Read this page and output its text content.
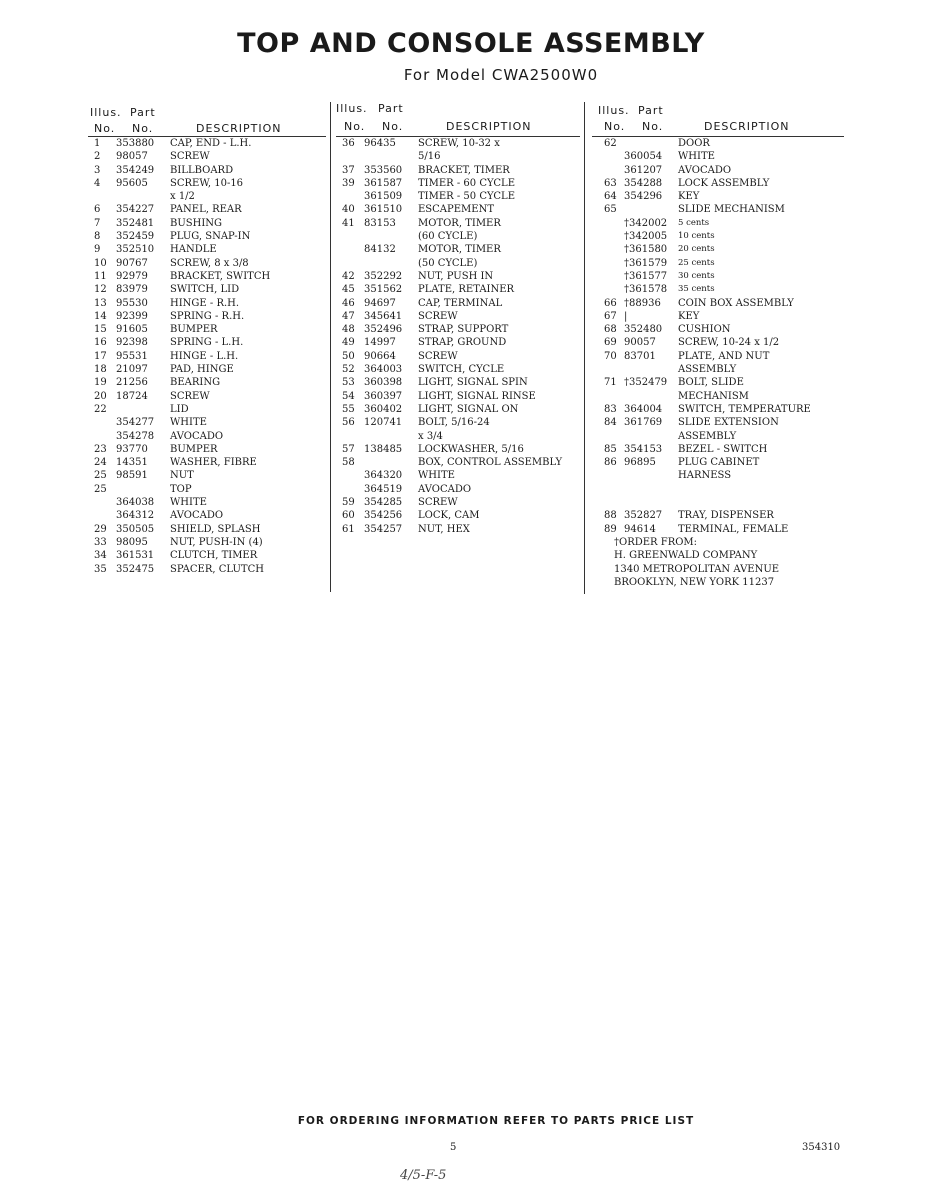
TOP AND CONSOLE ASSEMBLY
For Model CWA2500W0
Illus. Part
No. No.	DESCRIPTION
1 353880 CAP, END - L.H.
2 98057 SCREW
3 354249 BILLBOARD
4 95605 SCREW, 10-16
x 1/2
6 354227 PANEL, REAR
7 352481 BUSHING
8 352459 PLUG, SNAP-IN
9 352510 HANDLE
10 90767 SCREW, 8 x 3/8
11 92979 BRACKET, SWITCH
12 83979 SWITCH, LID
13 95530 HINGE - R.H.
14 92399 SPRING - R.H.
15 91605 BUMPER
16 92398 SPRING - L.H.
17 95531 HINGE - L.H.
18 21097 PAD, HINGE
19 21256 BEARING
20 18724 SCREW
22	LID
354277 WHITE
354278 AVOCADO
23 93770 BUMPER
24 14351 WASHER, FIBRE
25 98591 NUT
25	TOP
364038 WHITE
364312 AVOCADO
29 350505 SHIELD, SPLASH
33 98095 NUT, PUSH-IN (4)
34 361531 CLUTCH, TIMER
35 352475 SPACER, CLUTCH
Illus. Part
No. No.	DESCRIPTION
36 96435 SCREW, 10-32 x
5/16
37 353560 BRACKET, TIMER
39 361587 TIMER - 60 CYCLE
361509 TIMER - 50 CYCLE
40 361510 ESCAPEMENT
41 83153 MOTOR, TIMER
(60 CYCLE)
84132 MOTOR, TIMER
(50 CYCLE)
42 352292 NUT, PUSH IN
45 351562 PLATE, RETAINER
46 94697 CAP, TERMINAL
47 345641 SCREW
48 352496 STRAP, SUPPORT
49 14997 STRAP, GROUND
50 90664 SCREW
52 364003 SWITCH, CYCLE
53 360398 LIGHT, SIGNAL SPIN
54 360397 LIGHT, SIGNAL RINSE
55 360402 LIGHT, SIGNAL ON
56 120741 BOLT, 5/16-24
x 3/4
57 138485 LOCKWASHER, 5/16
58	BOX, CONTROL ASSEMBLY
364320 WHITE
364519 AVOCADO
59 354285 SCREW
60 354256 LOCK, CAM
61 354257 NUT, HEX
Illus. Part
No. No.	DESCRIPTION
62	DOOR
360054 WHITE
361207 AVOCADO
63 354288 LOCK ASSEMBLY
64 354296 KEY
65	SLIDE MECHANISM
†342002 5 cents
†342005 10 cents
†361580 20 cents
†361579 25 cents
†361577 30 cents
†361578 35 cents
66 †88936 COIN BOX ASSEMBLY
67 |	KEY
68 352480 CUSHION
69 90057 SCREW, 10-24 x 1/2
70 83701 PLATE, AND NUT
ASSEMBLY
71 †352479 BOLT, SLIDE
MECHANISM
83 364004 SWITCH, TEMPERATURE
84 361769 SLIDE EXTENSION
ASSEMBLY
85 354153 BEZEL - SWITCH
86 96895 PLUG CABINET
HARNESS
88 352827 TRAY, DISPENSER
89 94614 TERMINAL, FEMALE
†ORDER FROM:
H. GREENWALD COMPANY
1340 METROPOLITAN AVENUE
BROOKLYN, NEW YORK 11237
FOR ORDERING INFORMATION REFER TO PARTS PRICE LIST
5	354310
4/5-F-5
